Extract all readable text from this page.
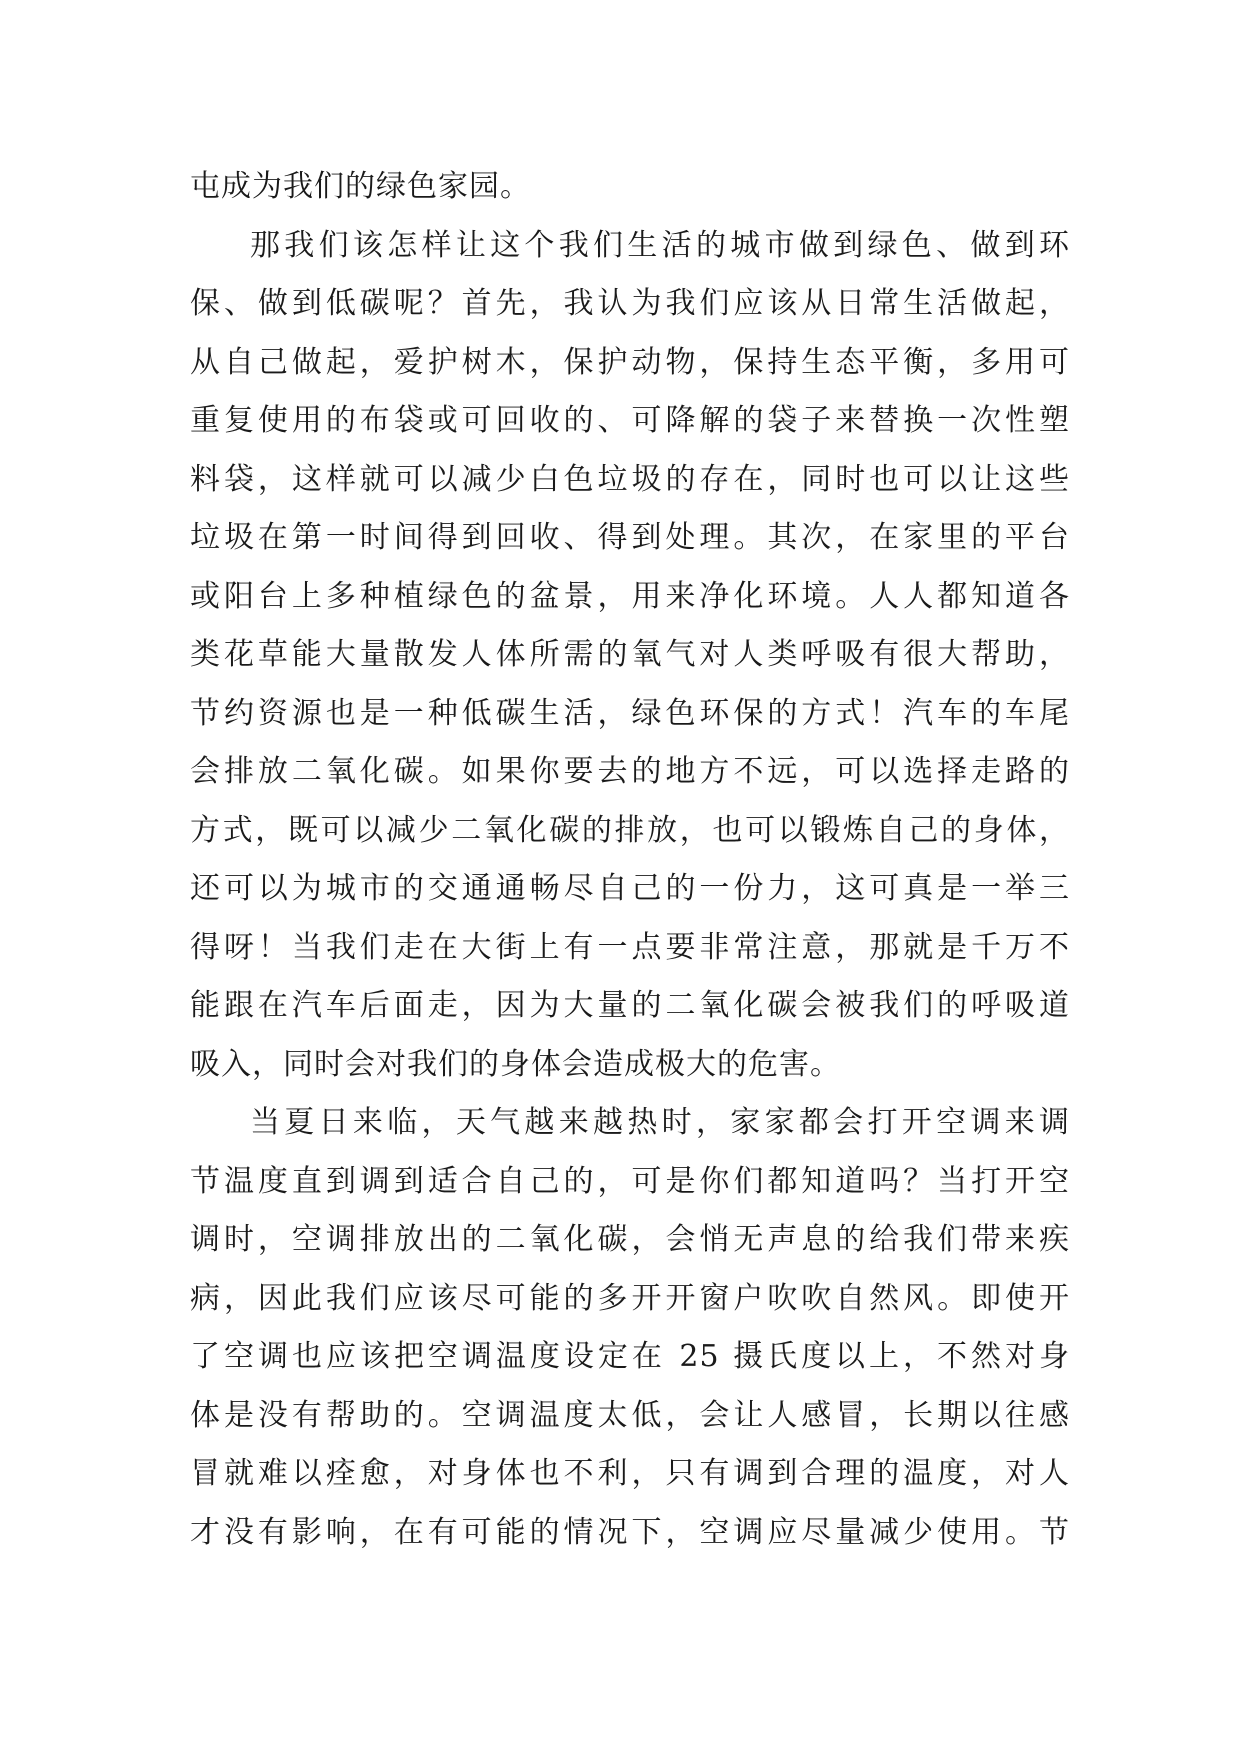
屯成为我们的绿色家园。
那我们该怎样让这个我们生活的城市做到绿色、做到环
保、做到低碳呢？首先，我认为我们应该从日常生活做起，
从自己做起，爱护树木，保护动物，保持生态平衡，多用可
重复使用的布袋或可回收的、可降解的袋子来替换一次性塑
料袋，这样就可以减少白色垃圾的存在，同时也可以让这些
垃圾在第一时间得到回收、得到处理。其次，在家里的平台
或阳台上多种植绿色的盆景，用来净化环境。人人都知道各
类花草能大量散发人体所需的氧气对人类呼吸有很大帮助，
节约资源也是一种低碳生活，绿色环保的方式！汽车的车尾
会排放二氧化碳。如果你要去的地方不远，可以选择走路的
方式，既可以减少二氧化碳的排放，也可以锻炼自己的身体，
还可以为城市的交通通畅尽自己的一份力，这可真是一举三
得呀！当我们走在大街上有一点要非常注意，那就是千万不
能跟在汽车后面走，因为大量的二氧化碳会被我们的呼吸道
吸入，同时会对我们的身体会造成极大的危害。
当夏日来临，天气越来越热时，家家都会打开空调来调
节温度直到调到适合自己的，可是你们都知道吗？当打开空
调时，空调排放出的二氧化碳，会悄无声息的给我们带来疾
病，因此我们应该尽可能的多开开窗户吹吹自然风。即使开
了空调也应该把空调温度设定在 25 摄氏度以上，不然对身
体是没有帮助的。空调温度太低，会让人感冒，长期以往感
冒就难以痊愈，对身体也不利，只有调到合理的温度，对人
才没有影响，在有可能的情况下，空调应尽量减少使用。节
